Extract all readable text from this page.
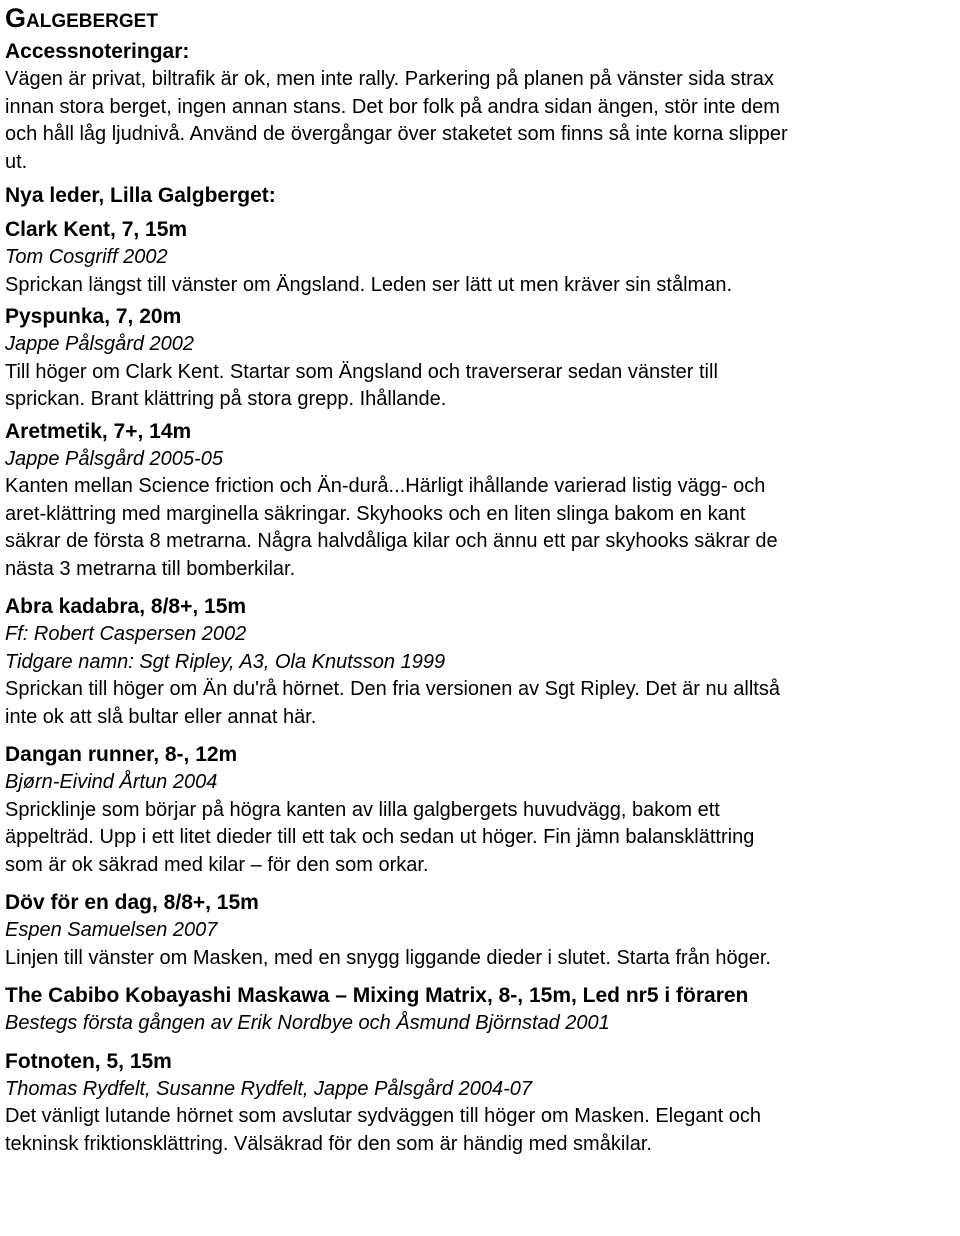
Galgeberget
Accessnoteringar:
Vägen är privat, biltrafik är ok, men inte rally. Parkering på planen på vänster sida strax
innan stora berget, ingen annan stans. Det bor folk på andra sidan ängen, stör inte dem
och håll låg ljudnivå. Använd de övergångar över staketet som finns så inte korna slipper
ut.
Nya leder, Lilla Galgberget:
Clark Kent, 7, 15m
Tom Cosgriff 2002
Sprickan längst till vänster om Ängsland. Leden ser lätt ut men kräver sin stålman.
Pyspunka, 7, 20m
Jappe Pålsgård 2002
Till höger om Clark Kent. Startar som Ängsland och traverserar sedan vänster till
sprickan. Brant klättring på stora grepp. Ihållande.
Aretmetik, 7+, 14m
Jappe Pålsgård 2005-05
Kanten mellan Science friction och Än-durå...Härligt ihållande varierad listig vägg- och
aret-klättring med marginella säkringar. Skyhooks och en liten slinga bakom en kant
säkrar de första 8 metrarna. Några halvdåliga kilar och ännu ett par skyhooks säkrar de
nästa 3 metrarna till bomberkilar.
Abra kadabra, 8/8+, 15m
Ff: Robert Caspersen 2002
Tidgare namn: Sgt Ripley, A3, Ola Knutsson 1999
Sprickan till höger om Än du'rå hörnet. Den fria versionen av Sgt Ripley. Det är nu alltså
inte ok att slå bultar eller annat här.
Dangan runner, 8-, 12m
Bjørn-Eivind Årtun 2004
Spricklinje som börjar på högra kanten av lilla galgbergets huvudvägg, bakom ett
äppelträd. Upp i ett litet dieder till ett tak och sedan ut höger. Fin jämn balansklättring
som är ok säkrad med kilar – för den som orkar.
Döv för en dag, 8/8+, 15m
Espen Samuelsen 2007
Linjen till vänster om Masken, med en snygg liggande dieder i slutet. Starta från höger.
The Cabibo Kobayashi Maskawa – Mixing Matrix, 8-, 15m, Led nr5 i föraren
Bestegs första gången av Erik Nordbye och Åsmund Björnstad 2001
Fotnoten, 5, 15m
Thomas Rydfelt, Susanne Rydfelt, Jappe Pålsgård 2004-07
Det vänligt lutande hörnet som avslutar sydväggen till höger om Masken. Elegant och
tekninsk friktionsklättring. Välsäkrad för den som är händig med småkilar.
